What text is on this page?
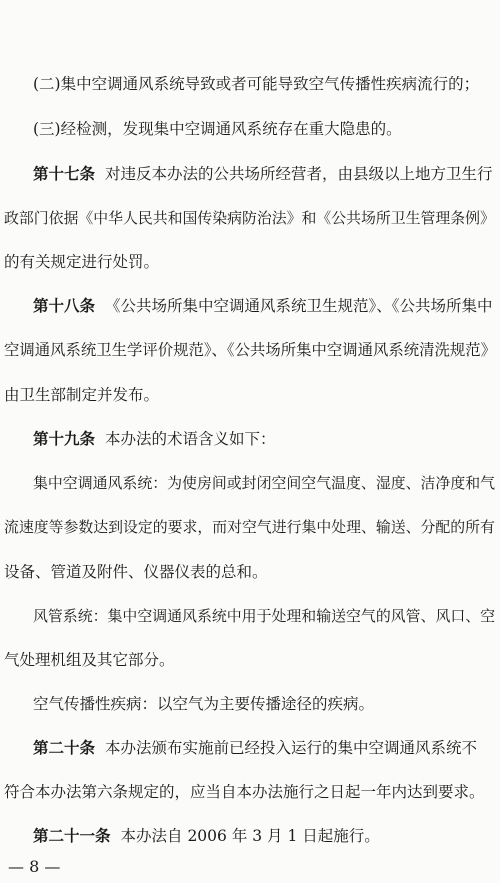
(二)集中空调通风系统导致或者可能导致空气传播性疾病流行的；
(三)经检测，发现集中空调通风系统存在重大隐患的。
第十七条 对违反本办法的公共场所经营者，由县级以上地方卫生行
政部门依据《中华人民共和国传染病防治法》和《公共场所卫生管理条例》
的有关规定进行处罚。
第十八条 《公共场所集中空调通风系统卫生规范》、《公共场所集中
空调通风系统卫生学评价规范》、《公共场所集中空调通风系统清洗规范》
由卫生部制定并发布。
第十九条 本办法的术语含义如下：
集中空调通风系统：为使房间或封闭空间空气温度、湿度、洁净度和气
流速度等参数达到设定的要求，而对空气进行集中处理、输送、分配的所有
设备、管道及附件、仪器仪表的总和。
风管系统：集中空调通风系统中用于处理和输送空气的风管、风口、空
气处理机组及其它部分。
空气传播性疾病：以空气为主要传播途径的疾病。
第二十条 本办法颁布实施前已经投入运行的集中空调通风系统不
符合本办法第六条规定的，应当自本办法施行之日起一年内达到要求。
第二十一条 本办法自 2006 年 3 月 1 日起施行。
— 8 —
